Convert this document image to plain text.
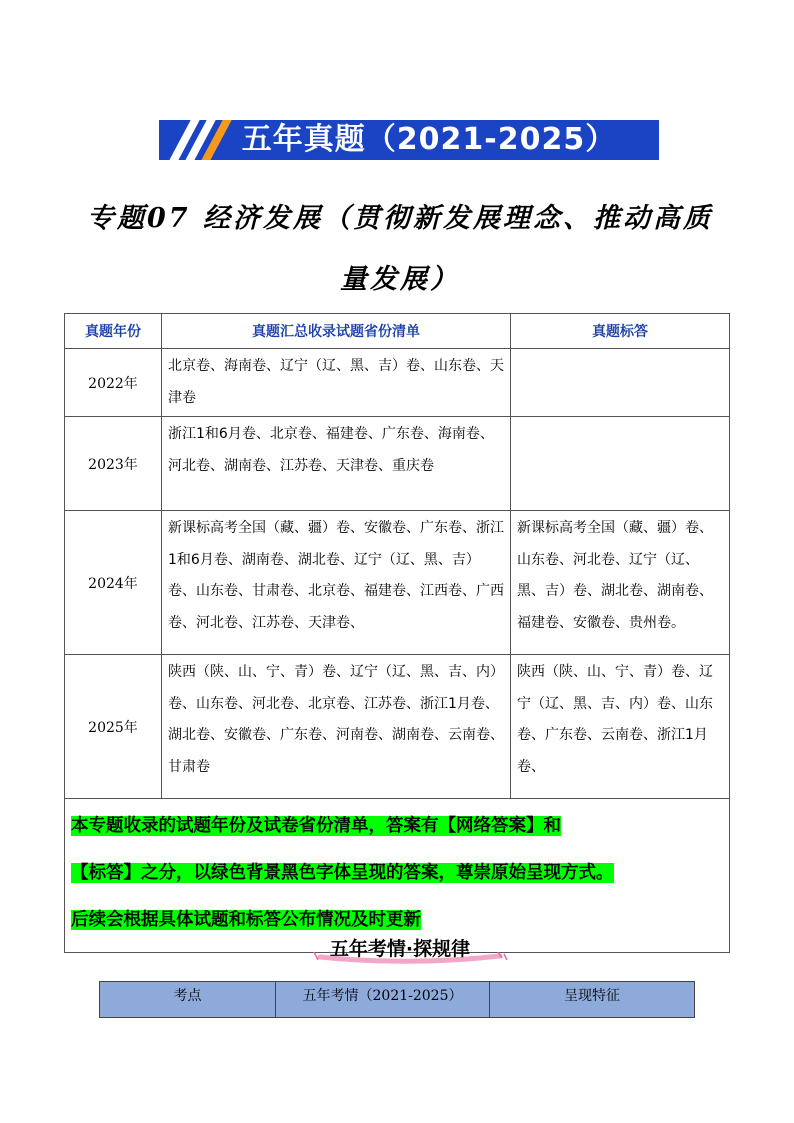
五年真题（2021-2025）
专题07 经济发展（贯彻新发展理念、推动高质
量发展）
真题年份	真题汇总收录试题省份清单	真题标答
2022年	北京卷、海南卷、辽宁（辽、黑、吉）卷、山东卷、天津卷	
2023年	浙江1和6月卷、北京卷、福建卷、广东卷、海南卷、河北卷、湖南卷、江苏卷、天津卷、重庆卷	
2024年	新课标高考全国（藏、疆）卷、安徽卷、广东卷、浙江1和6月卷、湖南卷、湖北卷、辽宁（辽、黑、吉）卷、山东卷、甘肃卷、北京卷、福建卷、江西卷、广西卷、河北卷、江苏卷、天津卷、	新课标高考全国（藏、疆）卷、山东卷、河北卷、辽宁（辽、黑、吉）卷、湖北卷、湖南卷、福建卷、安徽卷、贵州卷。
2025年	陕西（陕、山、宁、青）卷、辽宁（辽、黑、吉、内）卷、山东卷、河北卷、北京卷、江苏卷、浙江1月卷、湖北卷、安徽卷、广东卷、河南卷、湖南卷、云南卷、甘肃卷	陕西（陕、山、宁、青）卷、辽宁（辽、黑、吉、内）卷、山东卷、广东卷、云南卷、浙江1月卷、

本专题收录的试题年份及试卷省份清单，答案有【网络答案】和
【标答】之分，以绿色背景黑色字体呈现的答案，尊崇原始呈现方式。
后续会根据具体试题和标答公布情况及时更新		
五年考情·探规律
考点	五年考情（2021-2025）	呈现特征
